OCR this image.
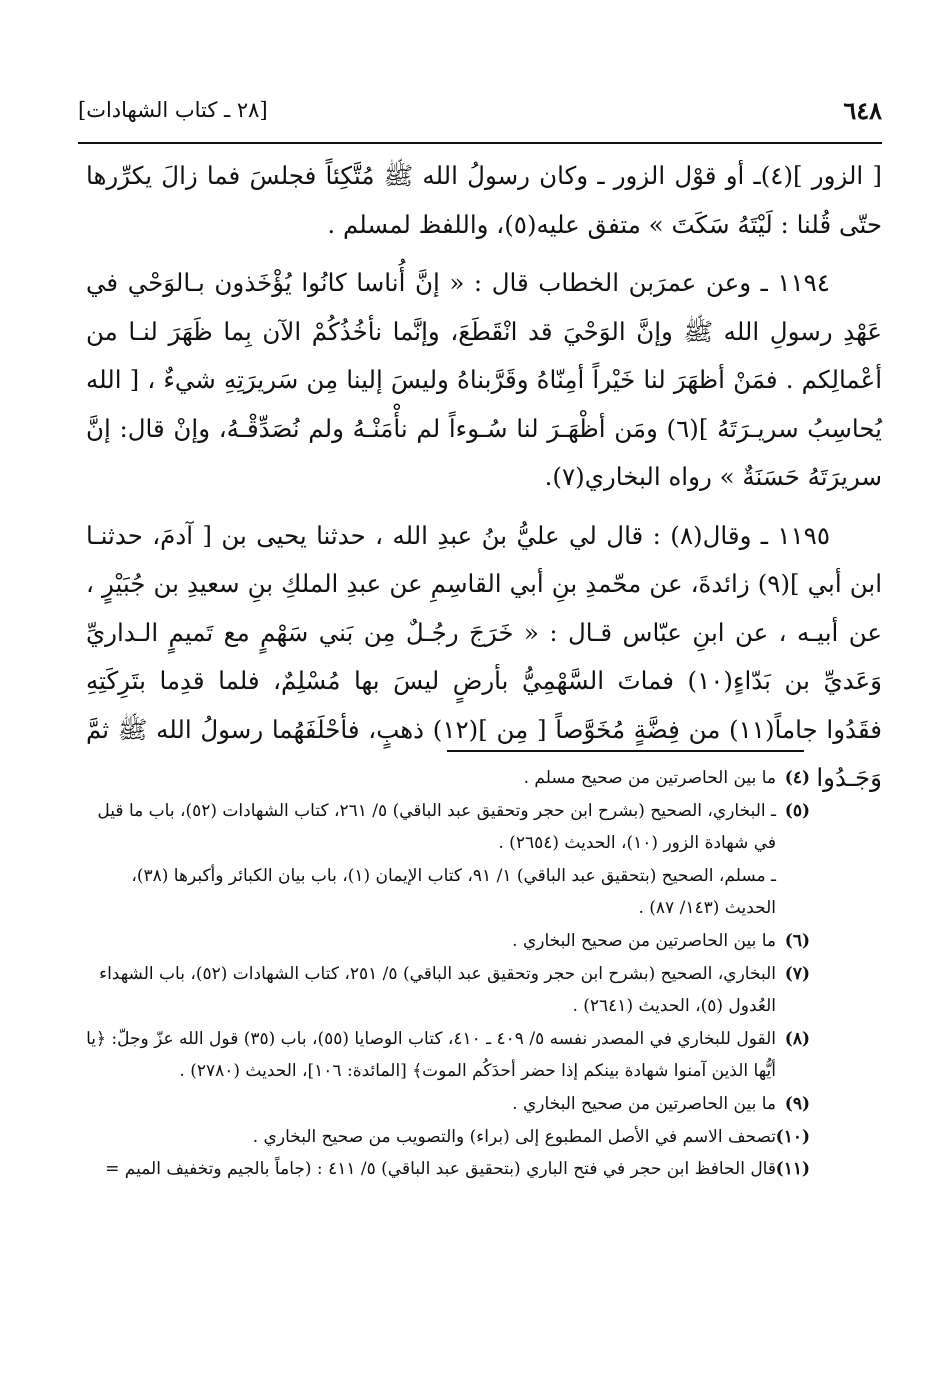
٦٤٨
[٢٨ ـ كتاب الشهادات]

[ الزور ](٤)ـ أو قوْل الزور ـ وكان رسولُ الله ﷺ مُتَّكِئاً فجلسَ فما زالَ يكرِّرها حتّى قُلنا : لَيْتَهُ سَكَتَ » متفق عليه(٥)، واللفظ لمسلم .

١١٩٤ ـ وعن عمرَبن الخطاب قال : « إنَّ أُناسا كانُوا يُؤْخَذون بـالوَحْي في عَهْدِ رسولِ الله ﷺ وإنَّ الوَحْيَ قد انْقَطَعَ، وإنَّما نأخُذُكُمْ الآن بِما ظَهَرَ لنـا من أعْمالِكم . فمَنْ أظهَرَ لنا خَيْراً أمِنّاهُ وقَرَّبناهُ وليسَ إلينا مِن سَريرَتِهِ شيءٌ ، [ الله يُحاسِبُ سريـرَتَهُ ](٦) ومَن أظْهَـرَ لنا سُـوءاً لم نأْمَنْـهُ ولم نُصَدِّقْـهُ، وإنْ قال: إنَّ سريرَتَهُ حَسَنَةٌ » رواه البخاري(٧).

١١٩٥ ـ وقال(٨) : قال لي عليُّ بنُ عبدِ الله ، حدثنا يحيى بن [ آدمَ، حدثنـا ابن أبي ](٩) زائدةَ، عن محّمدِ بنِ أبي القاسِمِ عن عبدِ الملكِ بنِ سعيدِ بن جُبَيْرٍ ، عن أبيـه ، عن ابنِ عبّاس قـال : « خَرَجَ رجُـلٌ مِن بَني سَهْمٍ مع تَميمٍ الـداريِّ وَعَديِّ بن بَدّاءٍ(١٠) فماتَ السَّهْمِيُّ بأرضٍ ليسَ بها مُسْلِمٌ، فلما قدِما بتَرِكَتِهِ فقَدُوا جاماً(١١) من فِضَّةٍ مُخَوَّصاً [ مِن ](١٢) ذهبٍ، فأحْلَفَهُما رسولُ الله ﷺ ثمَّ وَجَـدُوا

(٤)
ما بين الحاصرتين من صحيح مسلم .

(٥)
ـ البخاري، الصحيح (بشرح ابن حجر وتحقيق عبد الباقي) ٥/ ٢٦١، كتاب الشهادات (٥٢)، باب ما قيل في شهادة الزور (١٠)، الحديث (٢٦٥٤) .

ـ مسلم، الصحيح (بتحقيق عبد الباقي) ١/ ٩١، كتاب الإيمان (١)، باب بيان الكبائر وأكبرها (٣٨)، الحديث (١٤٣/ ٨٧) .

(٦)
ما بين الحاصرتين من صحيح البخاري .

(٧)
البخاري، الصحيح (بشرح ابن حجر وتحقيق عبد الباقي) ٥/ ٢٥١، كتاب الشهادات (٥٢)، باب الشهداء العُدول (٥)، الحديث (٢٦٤١) .

(٨)
القول للبخاري في المصدر نفسه ٥/ ٤٠٩ ـ ٤١٠، كتاب الوصايا (٥٥)، باب (٣٥) قول الله عزّ وجلّ: ﴿يا أيُّها الذين آمنوا شهادة بينكم إذا حضر أحدَكُم الموت﴾ [المائدة: ١٠٦]، الحديث (٢٧٨٠) .

(٩)
ما بين الحاصرتين من صحيح البخاري .

(١٠)
تصحف الاسم في الأصل المطبوع إلى (براء) والتصويب من صحيح البخاري .

(١١)
قال الحافظ ابن حجر في فتح الباري (بتحقيق عبد الباقي) ٥/ ٤١١ : (جاماً بالجيم وتخفيف الميم =
